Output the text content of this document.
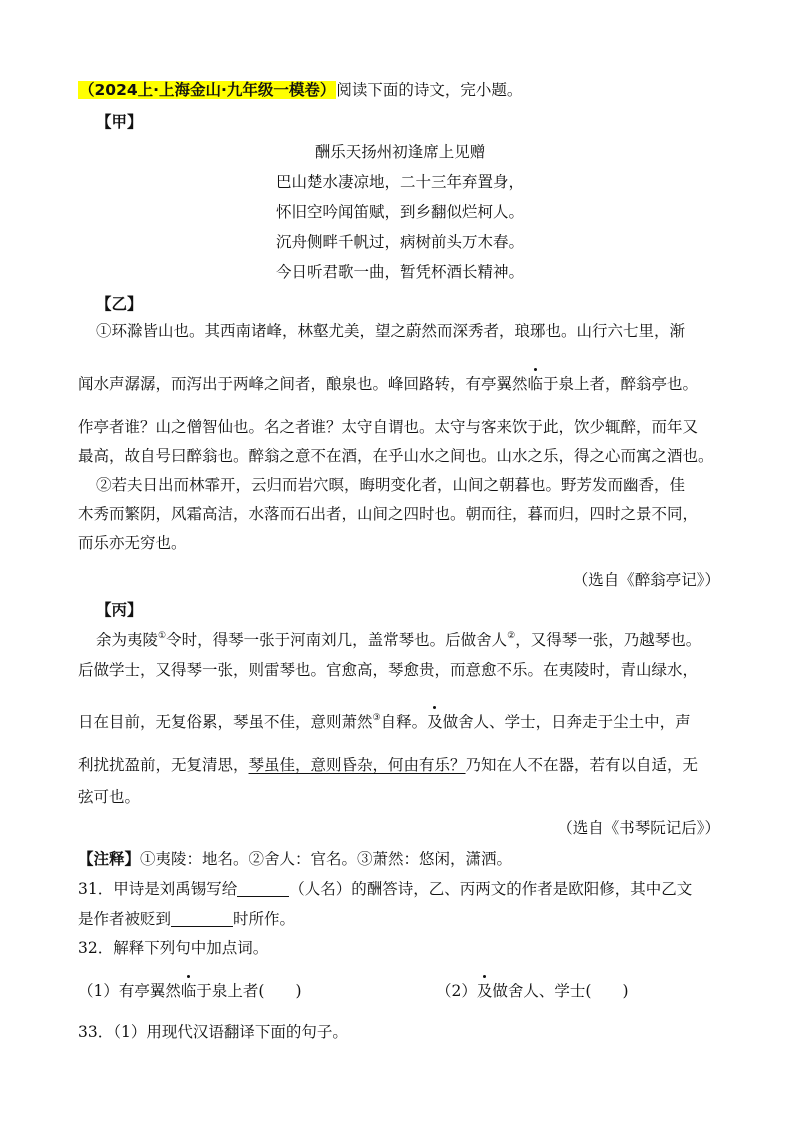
（2024上·上海金山·九年级一模卷）阅读下面的诗文，完小题。
【甲】
酬乐天扬州初逢席上见赠
巴山楚水凄凉地，二十三年弃置身，
怀旧空吟闻笛赋，到乡翻似烂柯人。
沉舟侧畔千帆过，病树前头万木春。
今日听君歌一曲，暂凭杯酒长精神。
【乙】
①环滁皆山也。其西南诸峰，林壑尤美，望之蔚然而深秀者，琅琊也。山行六七里，渐
闻水声潺潺，而泻出于两峰之间者，酿泉也。峰回路转，有亭翼然临于泉上者，醉翁亭也。
作亭者谁？山之僧智仙也。名之者谁？太守自谓也。太守与客来饮于此，饮少辄醉，而年又
最高，故自号曰醉翁也。醉翁之意不在酒，在乎山水之间也。山水之乐，得之心而寓之酒也。
②若夫日出而林霏开，云归而岩穴暝，晦明变化者，山间之朝暮也。野芳发而幽香，佳
木秀而繁阴，风霜高洁，水落而石出者，山间之四时也。朝而往，暮而归，四时之景不同，
而乐亦无穷也。
（选自《醉翁亭记》）
【丙】
余为夷陵①令时，得琴一张于河南刘几，盖常琴也。后做舍人②，又得琴一张，乃越琴也。
后做学士，又得琴一张，则雷琴也。官愈高，琴愈贵，而意愈不乐。在夷陵时，青山绿水，
日在目前，无复俗累，琴虽不佳，意则萧然③自释。及做舍人、学士，日奔走于尘土中，声
利扰扰盈前，无复清思，琴虽佳，意则昏杂，何由有乐？乃知在人不在器，若有以自适，无
弦可也。
（选自《书琴阮记后》）
【注释】①夷陵：地名。②舍人：官名。③萧然：悠闲，潇洒。
31．甲诗是刘禹锡写给	（人名）的酬答诗，乙、丙两文的作者是欧阳修，其中乙文
是作者被贬到	时所作。
32．解释下列句中加点词。
（1）有亭翼然临于泉上者(　　)	（2）及做舍人、学士(　　)
33．（1）用现代汉语翻译下面的句子。
